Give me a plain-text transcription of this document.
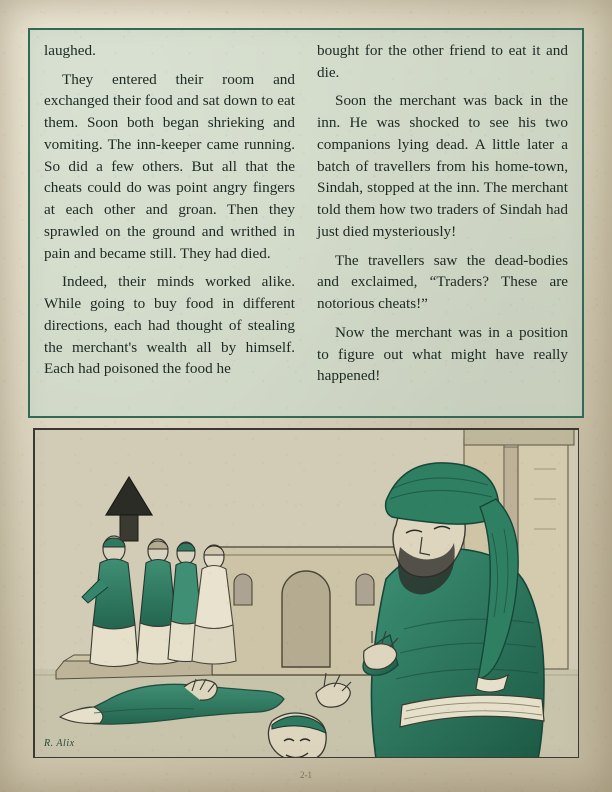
laughed.

They entered their room and exchanged their food and sat down to eat them. Soon both began shrieking and vomiting. The inn-keeper came running. So did a few others. But all that the cheats could do was point angry fingers at each other and groan. Then they sprawled on the ground and writhed in pain and became still. They had died.

Indeed, their minds worked alike. While going to buy food in different directions, each had thought of stealing the merchant's wealth all by himself. Each had poisoned the food he

bought for the other friend to eat it and die.

Soon the merchant was back in the inn. He was shocked to see his two companions lying dead. A little later a batch of travellers from his home-town, Sindah, stopped at the inn. The merchant told them how two traders of Sindah had just died mysteriously!

The travellers saw the dead-bodies and exclaimed, “Traders? These are notorious cheats!”

Now the merchant was in a position to figure out what might have really happened!

R. Alix
2-1
